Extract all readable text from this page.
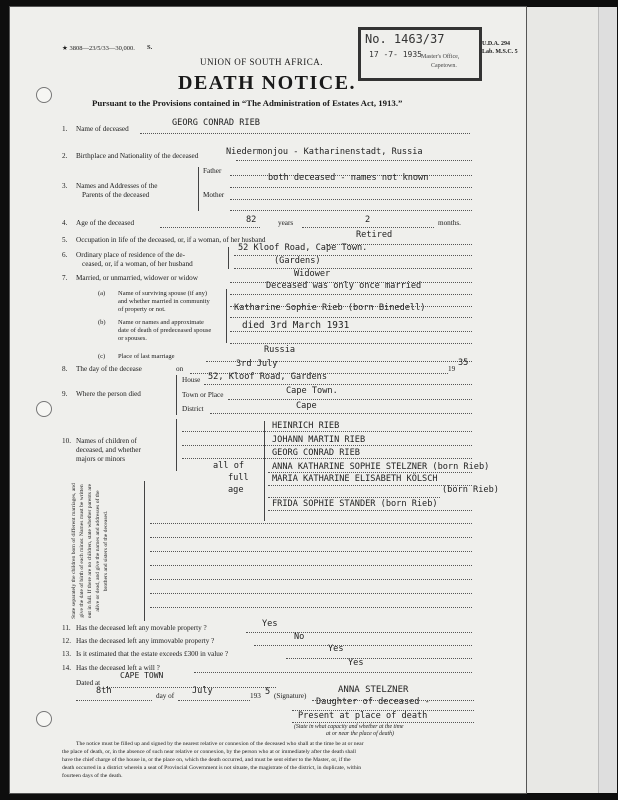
★ 3808—23/5/33—30,000. S.
UNION OF SOUTH AFRICA.
DEATH NOTICE.
Pursuant to the Provisions contained in “The Administration of Estates Act, 1913.”
No. 1463/37
17 -7- 1935 Master's Office,
Capetown.
U.D.A. 294
Lab. M.S.C. 5
1. Name of deceased
GEORG CONRAD RIEB
2. Birthplace and Nationality of the deceased	Niedermonjou - Katharinenstadt, Russia
3. Names and Addresses of the
Parents of the deceased
Father
both deceased - names not known
Mother
4. Age of the deceased	82	years	2	months.
5. Occupation in life of the deceased, or, if a woman, of her husband	Retired
6. Ordinary place of residence of the de-
ceased, or, if a woman, of her husband
52 Kloof Road, Cape Town.
(Gardens)
7. Married, or unmarried, widower or widow	Widower
(a) Name of surviving spouse (if any)
and whether married in community
of property or not.
Deceased was only once married
(b) Name or names and approximate
date of death of predeceased spouse
or spouses.
Katharine Sophie Rieb (born Binedell)
died 3rd March 1931
(c) Place of last marriage
Russia
8. The day of the decease	on	3rd July	19
35
9. Where the person died
House 52, Kloof Road, Gardens
Town or Place	Cape Town.
District	Cape
10. Names of children of
deceased, and whether
majors or minors
all of
full
age
HEINRICH RIEB
JOHANN MARTIN RIEB
GEORG CONRAD RIEB
ANNA KATHARINE SOPHIE STELZNER (born Rieb)
MARIA KATHARINE ELISABETH KÖLSCH
(born Rieb)
FRIDA SOPHIE STANDER (born Rieb)
State separately the children born of different marriages, and give the date of birth of each minor. Names must be written out in full. If there are no children, state whether parents are alive or dead, and give the names and addresses of the brothers and sisters of the deceased.
11. Has the deceased left any movable property ?	Yes
12. Has the deceased left any immovable property ?	No
13. Is it estimated that the estate exceeds £300 in value ?	Yes
14. Has the deceased left a will ?	Yes
Dated at
CAPE TOWN
8th	day of July	193 5 (Signature)
ANNA STELZNER
Daughter of deceased -
Present at place of death
(State in what capacity and whether at the time
at or near the place of death)
The notice must be filled up and signed by the nearest relative or connexion of the deceased who shall at the time be at or near
the place of death, or, in the absence of such near relative or connexion, by the person who at or immediately after the death shall
have the chief charge of the house in, or the place on, which the death occurred, and must be sent either to the Master, or, if the
death occurred in a district wherein a seat of Provincial Government is not situate, the magistrate of the district, in duplicate, within
fourteen days of the death.
